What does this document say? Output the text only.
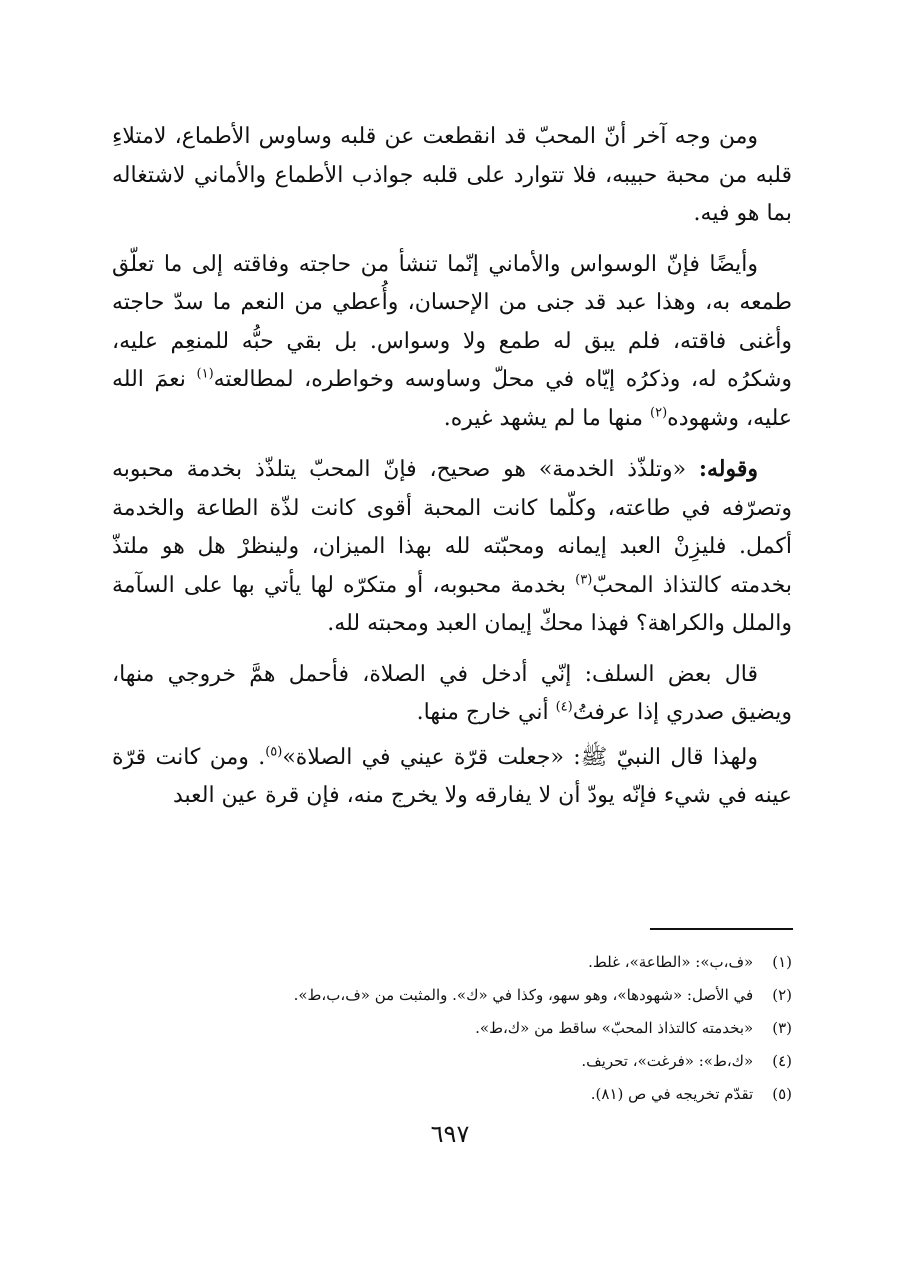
ومن وجه آخر أنّ المحبّ قد انقطعت عن قلبه وساوس الأطماع، لامتلاءِ قلبه من محبة حبيبه، فلا تتوارد على قلبه جواذب الأطماع والأماني لاشتغاله بما هو فيه.

وأيضًا فإنّ الوسواس والأماني إنّما تنشأ من حاجته وفاقته إلى ما تعلّق طمعه به، وهذا عبد قد جنى من الإحسان، وأُعطي من النعم ما سدّ حاجته وأغنى فاقته، فلم يبق له طمع ولا وسواس. بل بقي حبُّه للمنعِم عليه، وشكرُه له، وذكرُه إيّاه في محلّ وساوسه وخواطره، لمطالعته$^{(١)}$ نعمَ الله عليه، وشهوده$^{(٢)}$ منها ما لم يشهد غيره.

وقوله: «وتلذّذ الخدمة» هو صحيح، فإنّ المحبّ يتلذّذ بخدمة محبوبه وتصرّفه في طاعته، وكلّما كانت المحبة أقوى كانت لذّة الطاعة والخدمة أكمل. فليزِنْ العبد إيمانه ومحبّته لله بهذا الميزان، ولينظرْ هل هو ملتذّ بخدمته كالتذاذ المحبّ$^{(٣)}$ بخدمة محبوبه، أو متكرّه لها يأتي بها على السآمة والملل والكراهة؟ فهذا محكّ إيمان العبد ومحبته لله.

قال بعض السلف: إنّي أدخل في الصلاة، فأحمل همَّ خروجي منها، ويضيق صدري إذا عرفتُ$^{(٤)}$ أني خارج منها.

ولهذا قال النبيّ ﷺ: «جعلت قرّة عيني في الصلاة»$^{(٥)}$. ومن كانت قرّة عينه في شيء فإنّه يودّ أن لا يفارقه ولا يخرج منه، فإن قرة عين العبد

(١) «ف،ب»: «الطاعة»، غلط.

(٢) في الأصل: «شهودها»، وهو سهو، وكذا في «ك». والمثبت من «ف،ب،ط».

(٣) «بخدمته كالتذاذ المحبّ» ساقط من «ك،ط».

(٤) «ك،ط»: «فرغت»، تحريف.

(٥) تقدّم تخريجه في ص (٨١).

٦٩٧
